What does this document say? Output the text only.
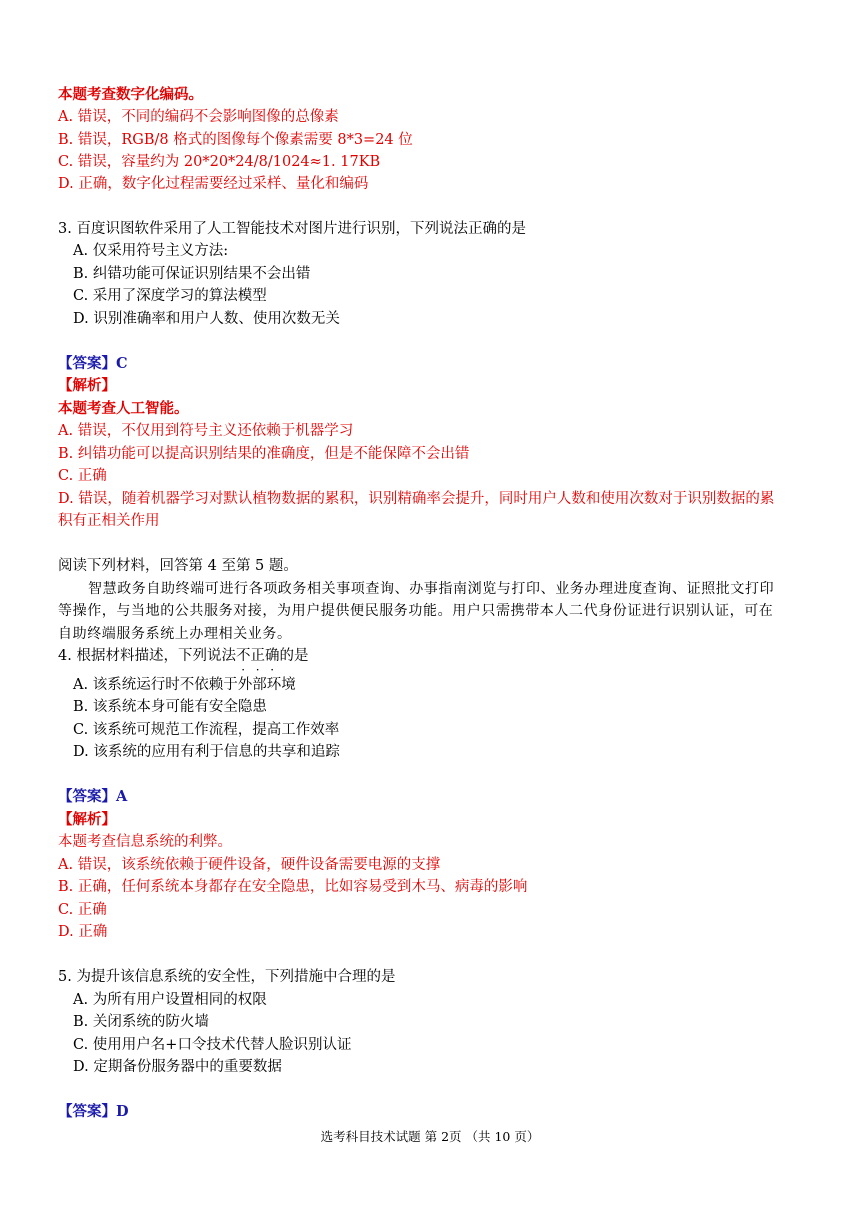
本题考查数字化编码。
A. 错误，不同的编码不会影响图像的总像素
B. 错误，RGB/8 格式的图像每个像素需要 8*3=24 位
C. 错误，容量约为 20*20*24/8/1024≈1. 17KB
D. 正确，数字化过程需要经过采样、量化和编码
3. 百度识图软件采用了人工智能技术对图片进行识别，下列说法正确的是
A. 仅采用符号主义方法:
B. 纠错功能可保证识别结果不会出错
C. 采用了深度学习的算法模型
D. 识别准确率和用户人数、使用次数无关
【答案】C
【解析】
本题考查人工智能。
A. 错误，不仅用到符号主义还依赖于机器学习
B. 纠错功能可以提高识别结果的准确度，但是不能保障不会出错
C. 正确
D. 错误，随着机器学习对默认植物数据的累积，识别精确率会提升，同时用户人数和使用次数对于识别数据的累
积有正相关作用
阅读下列材料，回答第 4 至第 5 题。
智慧政务自助终端可进行各项政务相关事项查询、办事指南浏览与打印、业务办理进度查询、证照批文打印
等操作，与当地的公共服务对接，为用户提供便民服务功能。用户只需携带本人二代身份证进行识别认证，可在
自助终端服务系统上办理相关业务。
4. 根据材料描述，下列说法不正确的是
A. 该系统运行时不依赖于外部环境
B. 该系统本身可能有安全隐患
C. 该系统可规范工作流程，提高工作效率
D. 该系统的应用有利于信息的共享和追踪
【答案】A
【解析】
本题考查信息系统的利弊。
A. 错误，该系统依赖于硬件设备，硬件设备需要电源的支撑
B. 正确，任何系统本身都存在安全隐患，比如容易受到木马、病毒的影响
C. 正确
D. 正确
5. 为提升该信息系统的安全性，下列措施中合理的是
A. 为所有用户设置相同的权限
B. 关闭系统的防火墙
C. 使用用户名+口令技术代替人脸识别认证
D. 定期备份服务器中的重要数据
【答案】D
选考科目技术试题 第 2页 （共 10 页）
